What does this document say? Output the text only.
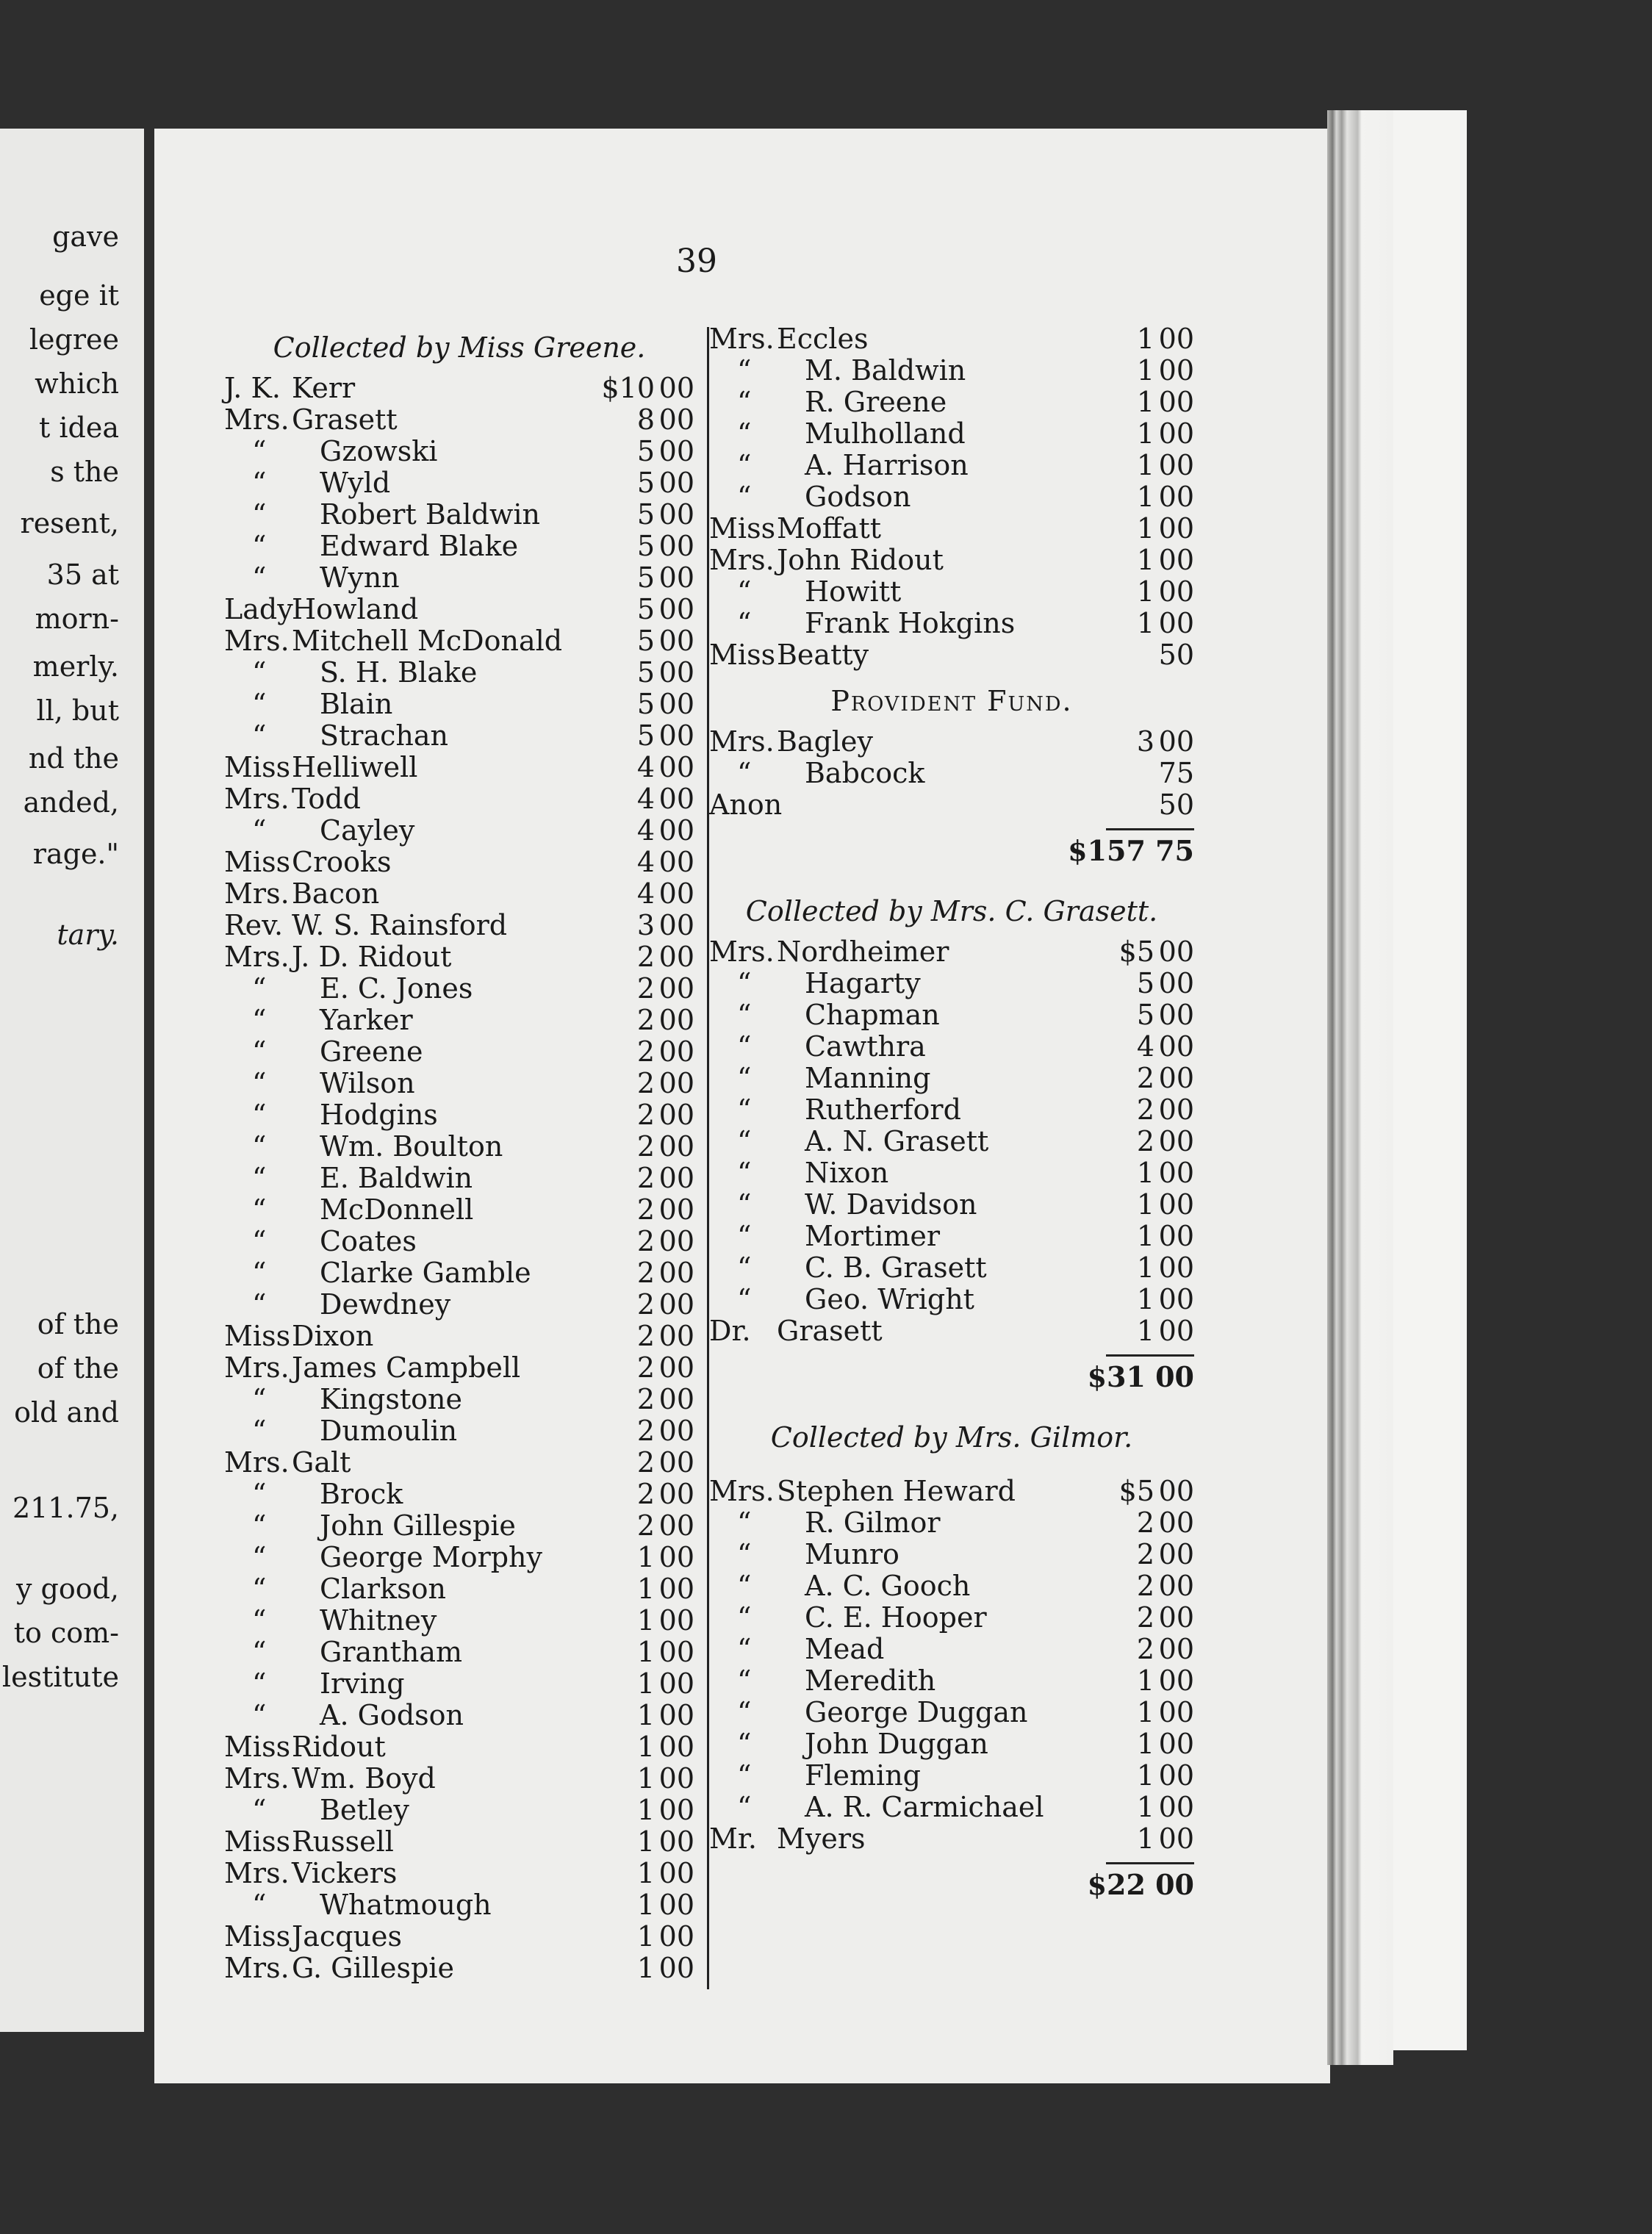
gave
ege it
legree
which
t idea
s the
resent,
35 at
morn-
merly.
ll, but
nd the
anded,
rage."
tary.
of the
of the
old and
211.75,
y good,
to com-
lestitute
39
Collected by Miss Greene.
J. K. Kerr	$10 00
Mrs.Grasett	8 00
“ Gzowski	5 00
“ Wyld	5 00
“ Robert Baldwin	5 00
“ Edward Blake	5 00
“ Wynn	5 00
LadyHowland	5 00
Mrs.Mitchell McDonald	5 00
“ S. H. Blake	5 00
“ Blain	5 00
“ Strachan	5 00
MissHelliwell	4 00
Mrs.Todd	4 00
“ Cayley	4 00
MissCrooks	4 00
Mrs.Bacon	4 00
Rev. W. S. Rainsford	3 00
Mrs.J. D. Ridout	2 00
“ E. C. Jones	2 00
“ Yarker	2 00
“ Greene	2 00
“ Wilson	2 00
“ Hodgins	2 00
“ Wm. Boulton	2 00
“ E. Baldwin	2 00
“ McDonnell	2 00
“ Coates	2 00
“ Clarke Gamble	2 00
“ Dewdney	2 00
MissDixon	2 00
Mrs.James Campbell	2 00
“ Kingstone	2 00
“ Dumoulin	2 00
Mrs.Galt	2 00
“ Brock	2 00
“ John Gillespie	2 00
“ George Morphy	1 00
“ Clarkson	1 00
“ Whitney	1 00
“ Grantham	1 00
“ Irving	1 00
“ A. Godson	1 00
MissRidout	1 00
Mrs.Wm. Boyd	1 00
“ Betley	1 00
MissRussell	1 00
Mrs.Vickers	1 00
“ Whatmough	1 00
MissJacques	1 00
Mrs.G. Gillespie	1 00
Mrs.Eccles	1 00
“ M. Baldwin	1 00
“ R. Greene	1 00
“ Mulholland	1 00
“ A. Harrison	1 00
“ Godson	1 00
MissMoffatt	1 00
Mrs.John Ridout	1 00
“ Howitt	1 00
“ Frank Hokgins	1 00
MissBeatty	50
Provident Fund.
Mrs.Bagley	3 00
“ Babcock	75
Anon	50
$157 75
Collected by Mrs. C. Grasett.
Mrs.Nordheimer	$5 00
“ Hagarty	5 00
“ Chapman	5 00
“ Cawthra	4 00
“ Manning	2 00
“ Rutherford	2 00
“ A. N. Grasett	2 00
“ Nixon	1 00
“ W. Davidson	1 00
“ Mortimer	1 00
“ C. B. Grasett	1 00
“ Geo. Wright	1 00
Dr. Grasett	1 00
$31 00
Collected by Mrs. Gilmor.
Mrs.Stephen Heward	$5 00
“ R. Gilmor	2 00
“ Munro	2 00
“ A. C. Gooch	2 00
“ C. E. Hooper	2 00
“ Mead	2 00
“ Meredith	1 00
“ George Duggan	1 00
“ John Duggan	1 00
“ Fleming	1 00
“ A. R. Carmichael	1 00
Mr. Myers	1 00
$22 00
